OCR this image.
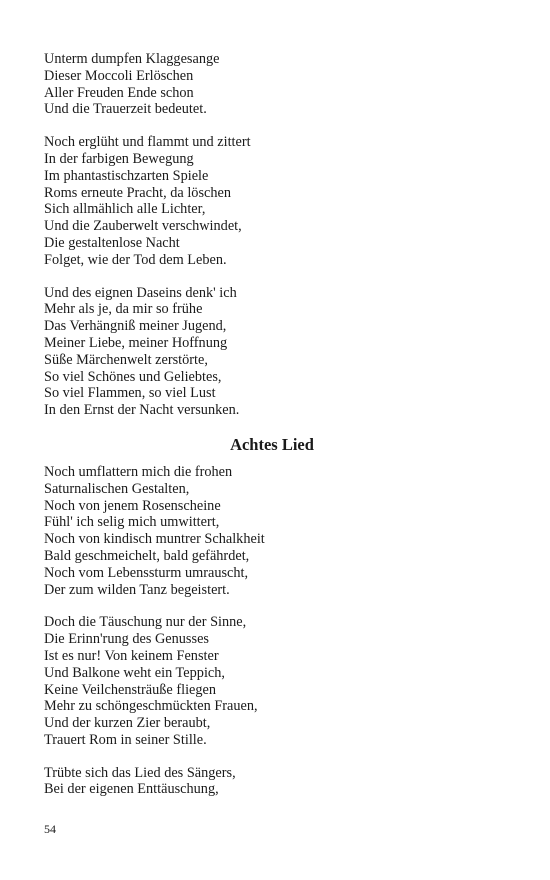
Unterm dumpfen Klaggesange
Dieser Moccoli Erlöschen
Aller Freuden Ende schon
Und die Trauerzeit bedeutet.
Noch erglüht und flammt und zittert
In der farbigen Bewegung
Im phantastischzarten Spiele
Roms erneute Pracht, da löschen
Sich allmählich alle Lichter,
Und die Zauberwelt verschwindet,
Die gestaltenlose Nacht
Folget, wie der Tod dem Leben.
Und des eignen Daseins denk' ich
Mehr als je, da mir so frühe
Das Verhängniß meiner Jugend,
Meiner Liebe, meiner Hoffnung
Süße Märchenwelt zerstörte,
So viel Schönes und Geliebtes,
So viel Flammen, so viel Lust
In den Ernst der Nacht versunken.
Achtes Lied
Noch umflattern mich die frohen
Saturnalischen Gestalten,
Noch von jenem Rosenscheine
Fühl' ich selig mich umwittert,
Noch von kindisch muntrer Schalkheit
Bald geschmeichelt, bald gefährdet,
Noch vom Lebenssturm umrauscht,
Der zum wilden Tanz begeistert.
Doch die Täuschung nur der Sinne,
Die Erinn'rung des Genusses
Ist es nur! Von keinem Fenster
Und Balkone weht ein Teppich,
Keine Veilchensträuße fliegen
Mehr zu schöngeschmückten Frauen,
Und der kurzen Zier beraubt,
Trauert Rom in seiner Stille.
Trübte sich das Lied des Sängers,
Bei der eigenen Enttäuschung,
54
